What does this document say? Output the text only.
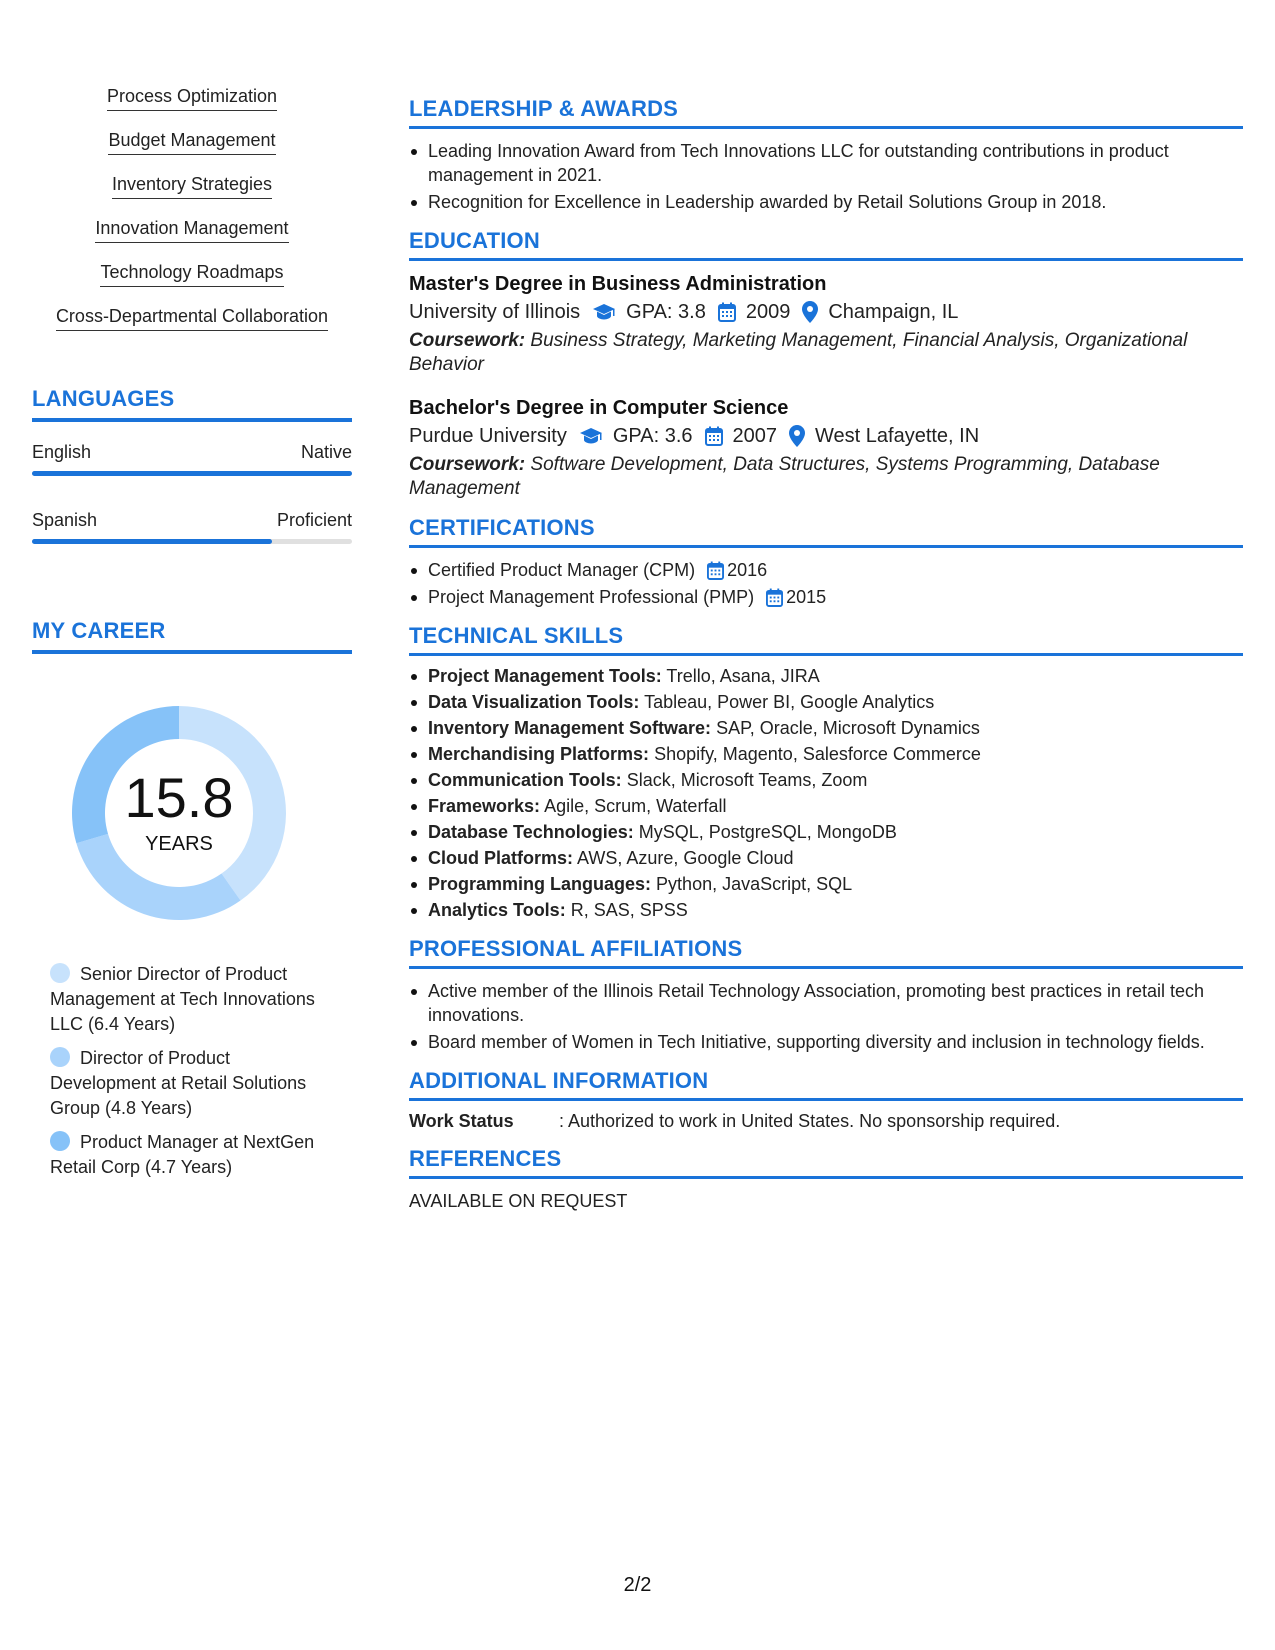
Process Optimization
Budget Management
Inventory Strategies
Innovation Management
Technology Roadmaps
Cross-Departmental Collaboration
LANGUAGES
English	Native
Spanish	Proficient
MY CAREER
15.8
YEARS
Senior Director of Product Management at Tech Innovations LLC (6.4 Years)
Director of Product Development at Retail Solutions Group (4.8 Years)
Product Manager at NextGen Retail Corp (4.7 Years)
LEADERSHIP & AWARDS
Leading Innovation Award from Tech Innovations LLC for outstanding contributions in product management in 2021.
Recognition for Excellence in Leadership awarded by Retail Solutions Group in 2018.
EDUCATION
Master's Degree in Business Administration
University of Illinois GPA: 3.8 2009 Champaign, IL
Coursework: Business Strategy, Marketing Management, Financial Analysis, Organizational Behavior
Bachelor's Degree in Computer Science
Purdue University GPA: 3.6 2007 West Lafayette, IN
Coursework: Software Development, Data Structures, Systems Programming, Database Management
CERTIFICATIONS
Certified Product Manager (CPM) 2016
Project Management Professional (PMP) 2015
TECHNICAL SKILLS
Project Management Tools: Trello, Asana, JIRA
Data Visualization Tools: Tableau, Power BI, Google Analytics
Inventory Management Software: SAP, Oracle, Microsoft Dynamics
Merchandising Platforms: Shopify, Magento, Salesforce Commerce
Communication Tools: Slack, Microsoft Teams, Zoom
Frameworks: Agile, Scrum, Waterfall
Database Technologies: MySQL, PostgreSQL, MongoDB
Cloud Platforms: AWS, Azure, Google Cloud
Programming Languages: Python, JavaScript, SQL
Analytics Tools: R, SAS, SPSS
PROFESSIONAL AFFILIATIONS
Active member of the Illinois Retail Technology Association, promoting best practices in retail tech innovations.
Board member of Women in Tech Initiative, supporting diversity and inclusion in technology fields.
ADDITIONAL INFORMATION
Work Status	: Authorized to work in United States. No sponsorship required.
REFERENCES
AVAILABLE ON REQUEST
2/2
